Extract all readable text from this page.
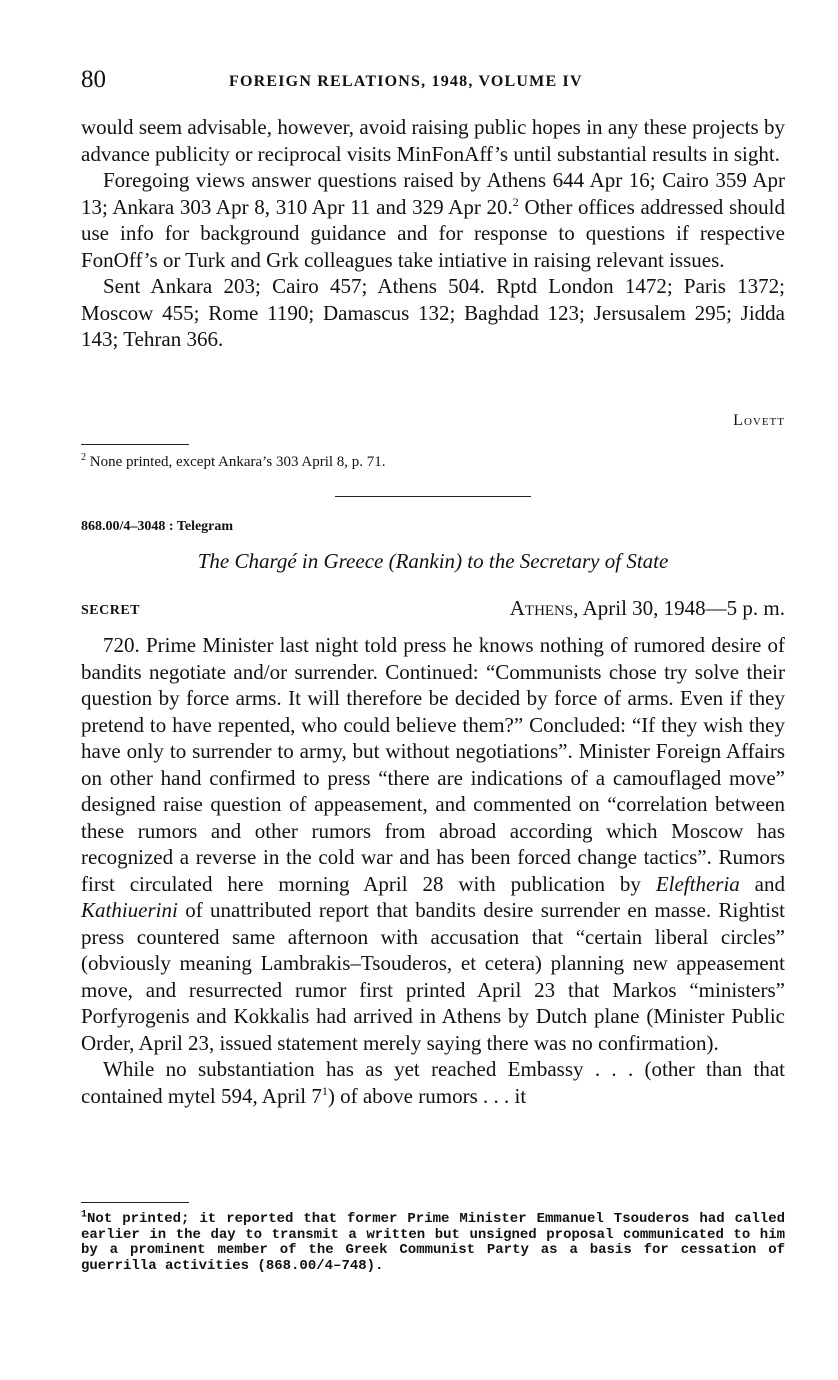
80	FOREIGN RELATIONS, 1948, VOLUME IV

would seem advisable, however, avoid raising public hopes in any these projects by advance publicity or reciprocal visits MinFonAff’s until substantial results in sight.

Foregoing views answer questions raised by Athens 644 Apr 16; Cairo 359 Apr 13; Ankara 303 Apr 8, 310 Apr 11 and 329 Apr 20.$^2$ Other offices addressed should use info for background guidance and for response to questions if respective FonOff’s or Turk and Grk colleagues take intiative in raising relevant issues.

Sent Ankara 203; Cairo 457; Athens 504. Rptd London 1472; Paris 1372; Moscow 455; Rome 1190; Damascus 132; Baghdad 123; Jersusalem 295; Jidda 143; Tehran 366.

Lovett
$^2$ None printed, except Ankara’s 303 April 8, p. 71.
868.00/4–3048 : Telegram
The Chargé in Greece (Rankin) to the Secretary of State
SECRET	Athens, April 30, 1948—5 p. m.

720. Prime Minister last night told press he knows nothing of rumored desire of bandits negotiate and/or surrender. Continued: “Communists chose try solve their question by force arms. It will therefore be decided by force of arms. Even if they pretend to have repented, who could believe them?” Concluded: “If they wish they have only to surrender to army, but without negotiations”. Minister Foreign Affairs on other hand confirmed to press “there are indications of a camouflaged move” designed raise question of appeasement, and commented on “correlation between these rumors and other rumors from abroad according which Moscow has recognized a reverse in the cold war and has been forced change tactics”. Rumors first circulated here morning April 28 with publication by Eleftheria and Kathiuerini of unattributed report that bandits desire surrender en masse. Rightist press countered same afternoon with accusation that “certain liberal circles” (obviously meaning Lambrakis–Tsouderos, et cetera) planning new appeasement move, and resurrected rumor first printed April 23 that Markos “ministers” Porfyrogenis and Kokkalis had arrived in Athens by Dutch plane (Minister Public Order, April 23, issued statement merely saying there was no confirmation).

While no substantiation has as yet reached Embassy . . . (other than that contained mytel 594, April $7^1$) of above rumors . . . it

$^1$Not printed; it reported that former Prime Minister Emmanuel Tsouderos had called earlier in the day to transmit a written but unsigned proposal communicated to him by a prominent member of the Greek Communist Party as a basis for cessation of guerrilla activities (868.00/4–748).
